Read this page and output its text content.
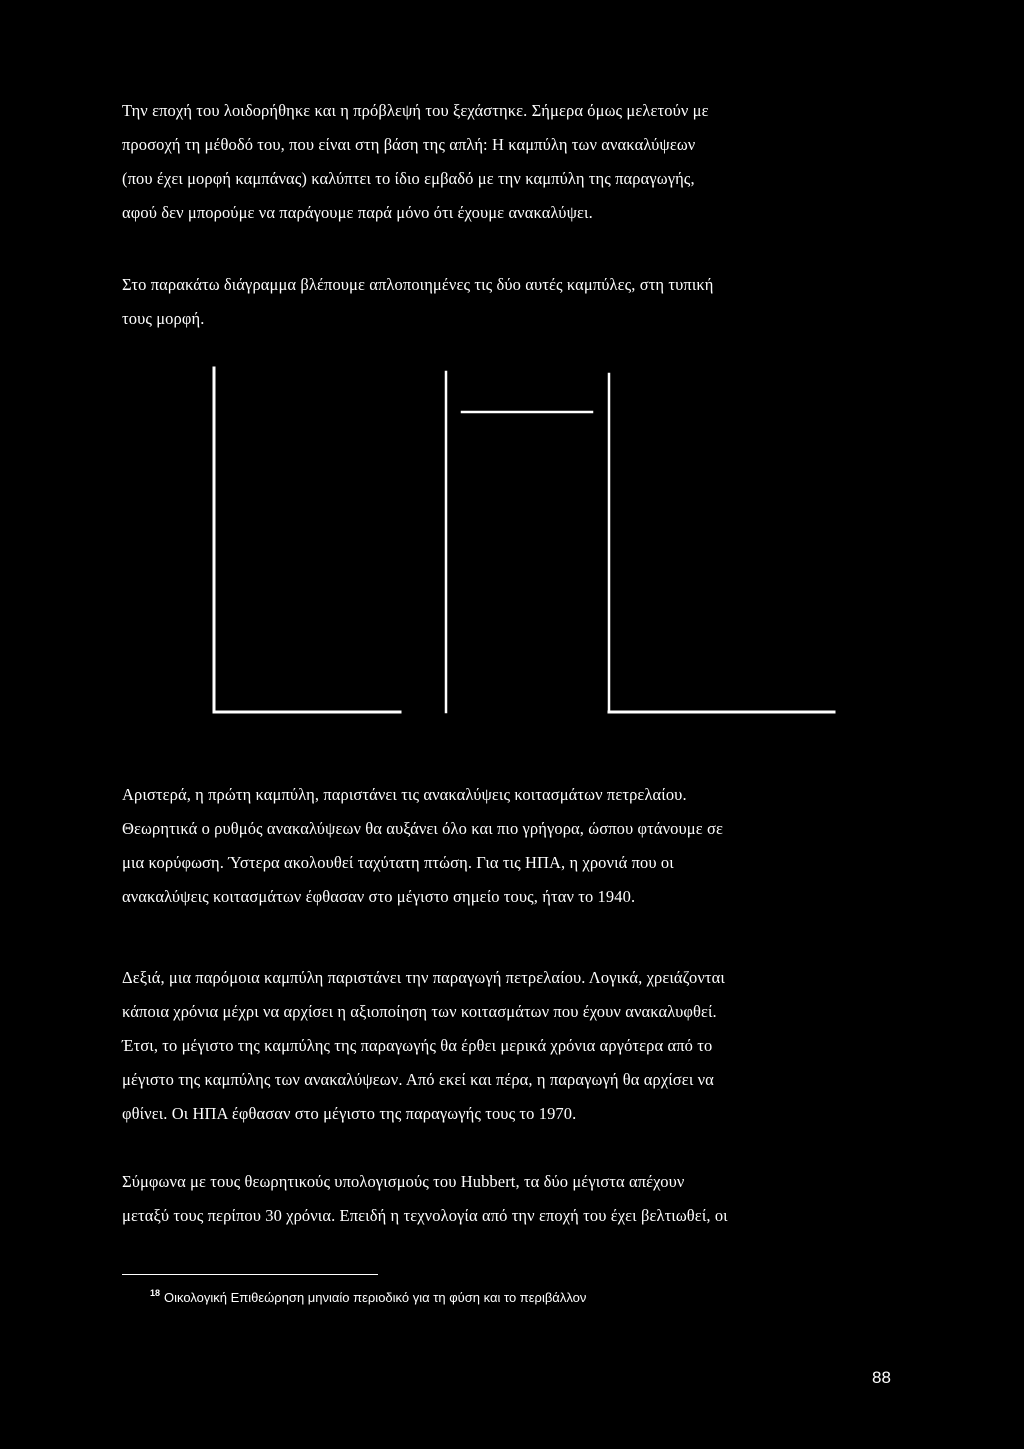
Την εποχή του λοιδορήθηκε και η πρόβλεψή του ξεχάστηκε. Σήμερα όμως μελετούν με
προσοχή τη μέθοδό του, που είναι στη βάση της απλή: Η καμπύλη των ανακαλύψεων
(που έχει μορφή καμπάνας) καλύπτει το ίδιο εμβαδό με την καμπύλη της παραγωγής,
αφού δεν μπορούμε να παράγουμε παρά μόνο ότι έχουμε ανακαλύψει.

Στο παρακάτω διάγραμμα βλέπουμε απλοποιημένες τις δύο αυτές καμπύλες, στη τυπική
τους μορφή.

Αριστερά, η πρώτη καμπύλη, παριστάνει τις ανακαλύψεις κοιτασμάτων πετρελαίου.
Θεωρητικά ο ρυθμός ανακαλύψεων θα αυξάνει όλο και πιο γρήγορα, ώσπου φτάνουμε σε
μια κορύφωση. Ύστερα ακολουθεί ταχύτατη πτώση. Για τις ΗΠΑ, η χρονιά που οι
ανακαλύψεις κοιτασμάτων έφθασαν στο μέγιστο σημείο τους, ήταν το 1940.

Δεξιά, μια παρόμοια καμπύλη παριστάνει την παραγωγή πετρελαίου. Λογικά, χρειάζονται
κάποια χρόνια μέχρι να αρχίσει η αξιοποίηση των κοιτασμάτων που έχουν ανακαλυφθεί.
Έτσι, το μέγιστο της καμπύλης της παραγωγής θα έρθει μερικά χρόνια αργότερα από το
μέγιστο της καμπύλης των ανακαλύψεων. Από εκεί και πέρα, η παραγωγή θα αρχίσει να
φθίνει. Οι ΗΠΑ έφθασαν στο μέγιστο της παραγωγής τους το 1970.

Σύμφωνα με τους θεωρητικούς υπολογισμούς του Hubbert, τα δύο μέγιστα απέχουν
μεταξύ τους περίπου 30 χρόνια. Επειδή η τεχνολογία από την εποχή του έχει βελτιωθεί, οι

$^{18}$ Οικολογική Επιθεώρηση μηνιαίο περιοδικό για τη φύση και το περιβάλλον
88
